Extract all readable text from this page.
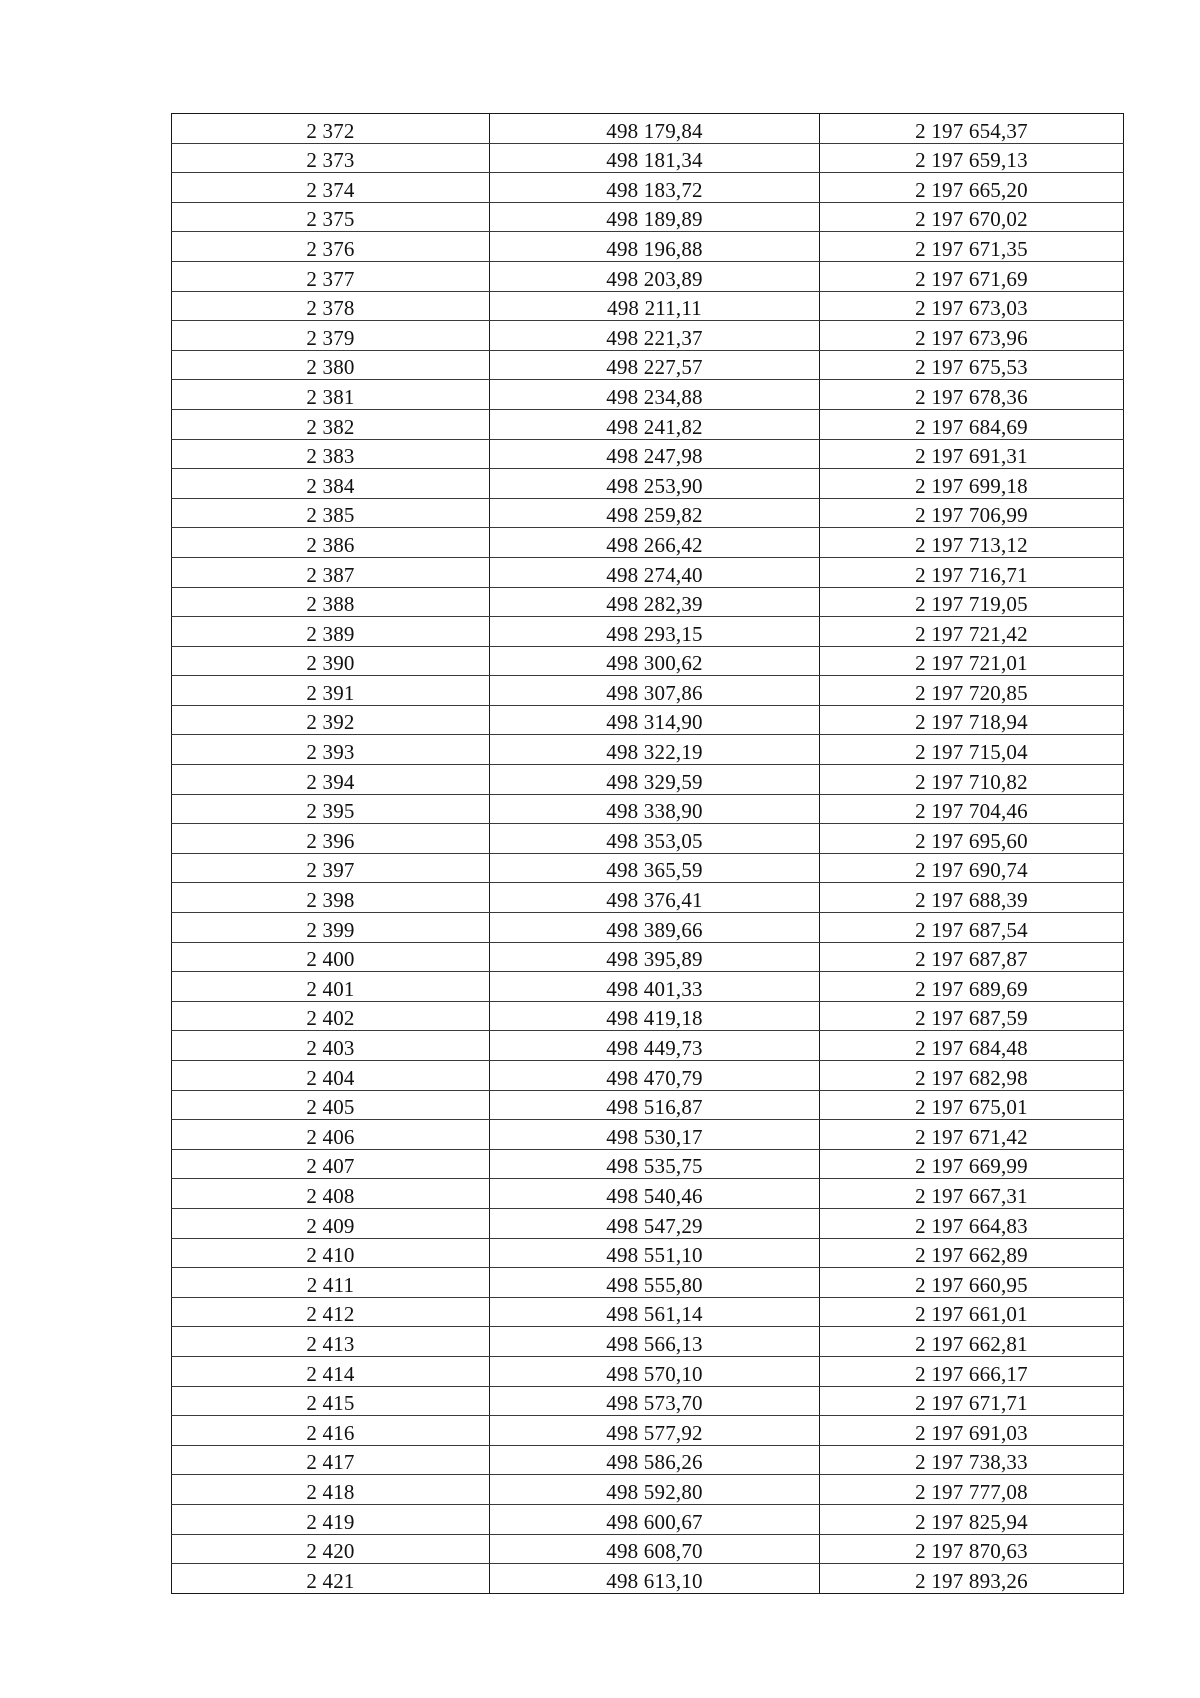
2 372	498 179,84	2 197 654,37
2 373	498 181,34	2 197 659,13
2 374	498 183,72	2 197 665,20
2 375	498 189,89	2 197 670,02
2 376	498 196,88	2 197 671,35
2 377	498 203,89	2 197 671,69
2 378	498 211,11	2 197 673,03
2 379	498 221,37	2 197 673,96
2 380	498 227,57	2 197 675,53
2 381	498 234,88	2 197 678,36
2 382	498 241,82	2 197 684,69
2 383	498 247,98	2 197 691,31
2 384	498 253,90	2 197 699,18
2 385	498 259,82	2 197 706,99
2 386	498 266,42	2 197 713,12
2 387	498 274,40	2 197 716,71
2 388	498 282,39	2 197 719,05
2 389	498 293,15	2 197 721,42
2 390	498 300,62	2 197 721,01
2 391	498 307,86	2 197 720,85
2 392	498 314,90	2 197 718,94
2 393	498 322,19	2 197 715,04
2 394	498 329,59	2 197 710,82
2 395	498 338,90	2 197 704,46
2 396	498 353,05	2 197 695,60
2 397	498 365,59	2 197 690,74
2 398	498 376,41	2 197 688,39
2 399	498 389,66	2 197 687,54
2 400	498 395,89	2 197 687,87
2 401	498 401,33	2 197 689,69
2 402	498 419,18	2 197 687,59
2 403	498 449,73	2 197 684,48
2 404	498 470,79	2 197 682,98
2 405	498 516,87	2 197 675,01
2 406	498 530,17	2 197 671,42
2 407	498 535,75	2 197 669,99
2 408	498 540,46	2 197 667,31
2 409	498 547,29	2 197 664,83
2 410	498 551,10	2 197 662,89
2 411	498 555,80	2 197 660,95
2 412	498 561,14	2 197 661,01
2 413	498 566,13	2 197 662,81
2 414	498 570,10	2 197 666,17
2 415	498 573,70	2 197 671,71
2 416	498 577,92	2 197 691,03
2 417	498 586,26	2 197 738,33
2 418	498 592,80	2 197 777,08
2 419	498 600,67	2 197 825,94
2 420	498 608,70	2 197 870,63
2 421	498 613,10	2 197 893,26
